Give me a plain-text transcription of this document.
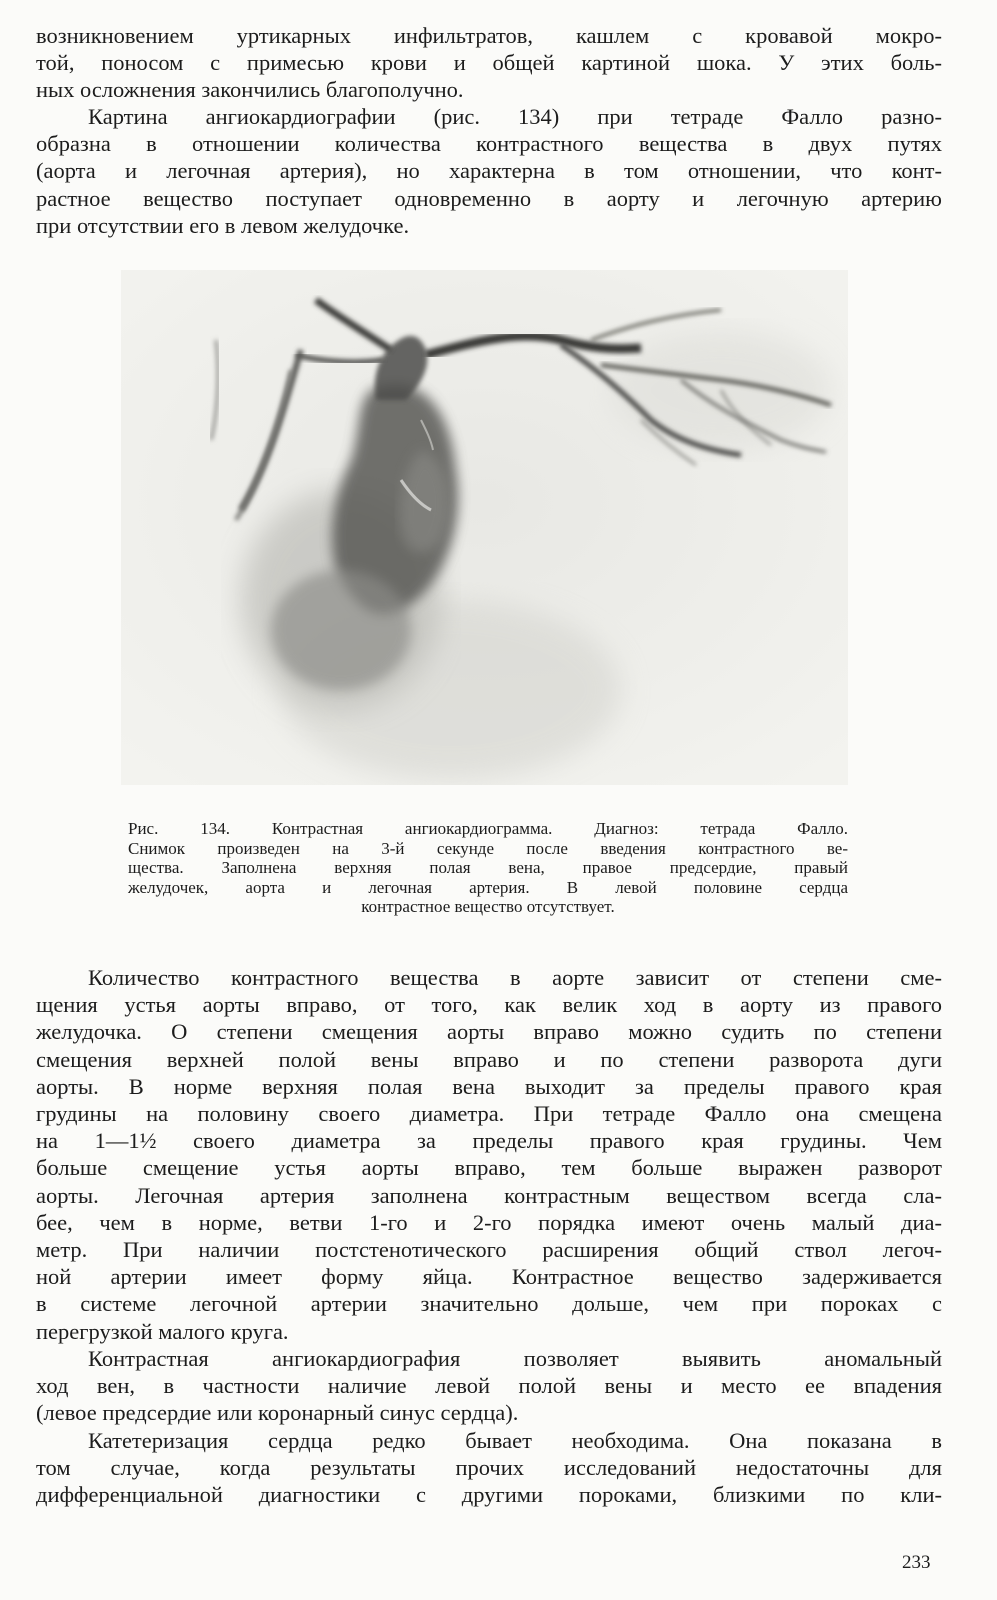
возникновением уртикарных инфильтратов, кашлем с кровавой мокро-
той, поносом с примесью крови и общей картиной шока. У этих боль-
ных осложнения закончились благополучно.
Картина ангиокардиографии (рис. 134) при тетраде Фалло разно-
образна в отношении количества контрастного вещества в двух путях
(аорта и легочная артерия), но характерна в том отношении, что конт-
растное вещество поступает одновременно в аорту и легочную артерию
при отсутствии его в левом желудочке.
Рис. 134. Контрастная ангиокардиограмма. Диагноз: тетрада Фалло.
Снимок произведен на 3-й секунде после введения контрастного ве-
щества. Заполнена верхняя полая вена, правое предсердие, правый
желудочек, аорта и легочная артерия. В левой половине сердца
контрастное вещество отсутствует.
Количество контрастного вещества в аорте зависит от степени сме-
щения устья аорты вправо, от того, как велик ход в аорту из правого
желудочка. О степени смещения аорты вправо можно судить по степени
смещения верхней полой вены вправо и по степени разворота дуги
аорты. В норме верхняя полая вена выходит за пределы правого края
грудины на половину своего диаметра. При тетраде Фалло она смещена
на 1—1½ своего диаметра за пределы правого края грудины. Чем
больше смещение устья аорты вправо, тем больше выражен разворот
аорты. Легочная артерия заполнена контрастным веществом всегда сла-
бее, чем в норме, ветви 1-го и 2-го порядка имеют очень малый диа-
метр. При наличии постстенотического расширения общий ствол легоч-
ной артерии имеет форму яйца. Контрастное вещество задерживается
в системе легочной артерии значительно дольше, чем при пороках с
перегрузкой малого круга.
Контрастная ангиокардиография позволяет выявить аномальный
ход вен, в частности наличие левой полой вены и место ее впадения
(левое предсердие или коронарный синус сердца).
Катетеризация сердца редко бывает необходима. Она показана в
том случае, когда результаты прочих исследований недостаточны для
дифференциальной диагностики с другими пороками, близкими по кли-
233
